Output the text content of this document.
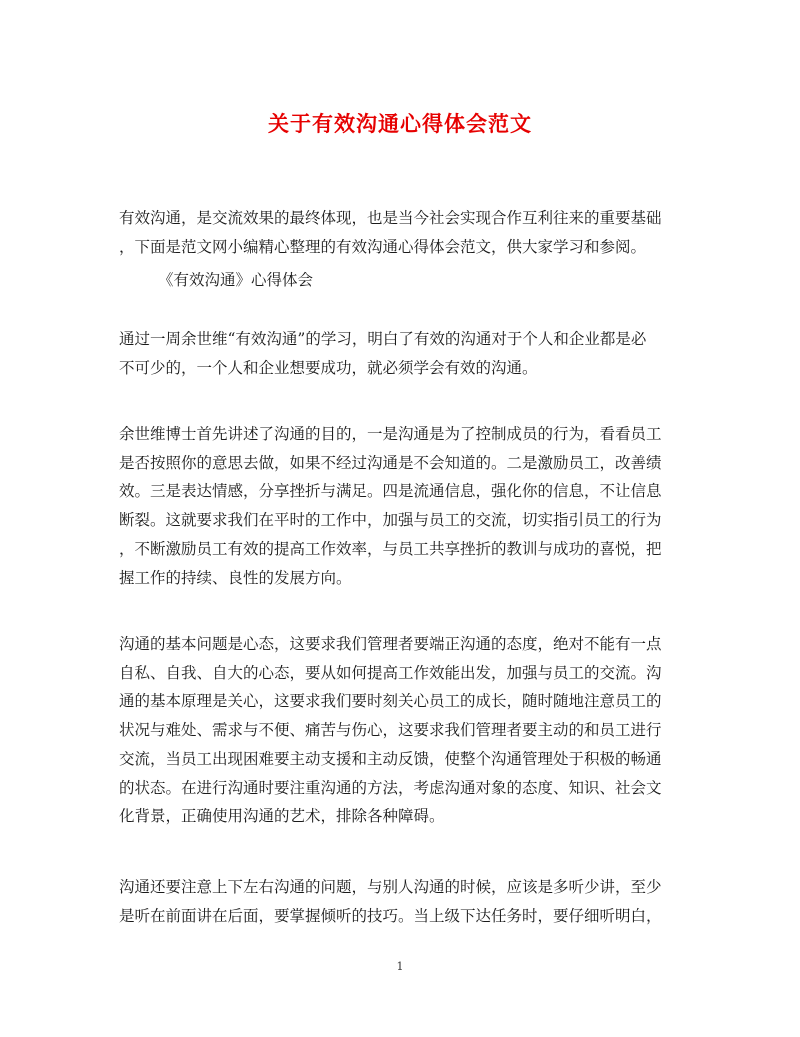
关于有效沟通心得体会范文

有效沟通，是交流效果的最终体现，也是当今社会实现合作互利往来的重要基础
，下面是范文网小编精心整理的有效沟通心得体会范文，供大家学习和参阅。

《有效沟通》心得体会

通过一周余世维“有效沟通”的学习，明白了有效的沟通对于个人和企业都是必
不可少的，一个人和企业想要成功，就必须学会有效的沟通。

余世维博士首先讲述了沟通的目的，一是沟通是为了控制成员的行为，看看员工
是否按照你的意思去做，如果不经过沟通是不会知道的。二是激励员工，改善绩
效。三是表达情感，分享挫折与满足。四是流通信息，强化你的信息，不让信息
断裂。这就要求我们在平时的工作中，加强与员工的交流，切实指引员工的行为
，不断激励员工有效的提高工作效率，与员工共享挫折的教训与成功的喜悦，把
握工作的持续、良性的发展方向。

沟通的基本问题是心态，这要求我们管理者要端正沟通的态度，绝对不能有一点
自私、自我、自大的心态，要从如何提高工作效能出发，加强与员工的交流。沟
通的基本原理是关心，这要求我们要时刻关心员工的成长，随时随地注意员工的
状况与难处、需求与不便、痛苦与伤心，这要求我们管理者要主动的和员工进行
交流，当员工出现困难要主动支援和主动反馈，使整个沟通管理处于积极的畅通
的状态。在进行沟通时要注重沟通的方法，考虑沟通对象的态度、知识、社会文
化背景，正确使用沟通的艺术，排除各种障碍。

沟通还要注意上下左右沟通的问题，与别人沟通的时候，应该是多听少讲，至少
是听在前面讲在后面，要掌握倾听的技巧。当上级下达任务时，要仔细听明白，

1
